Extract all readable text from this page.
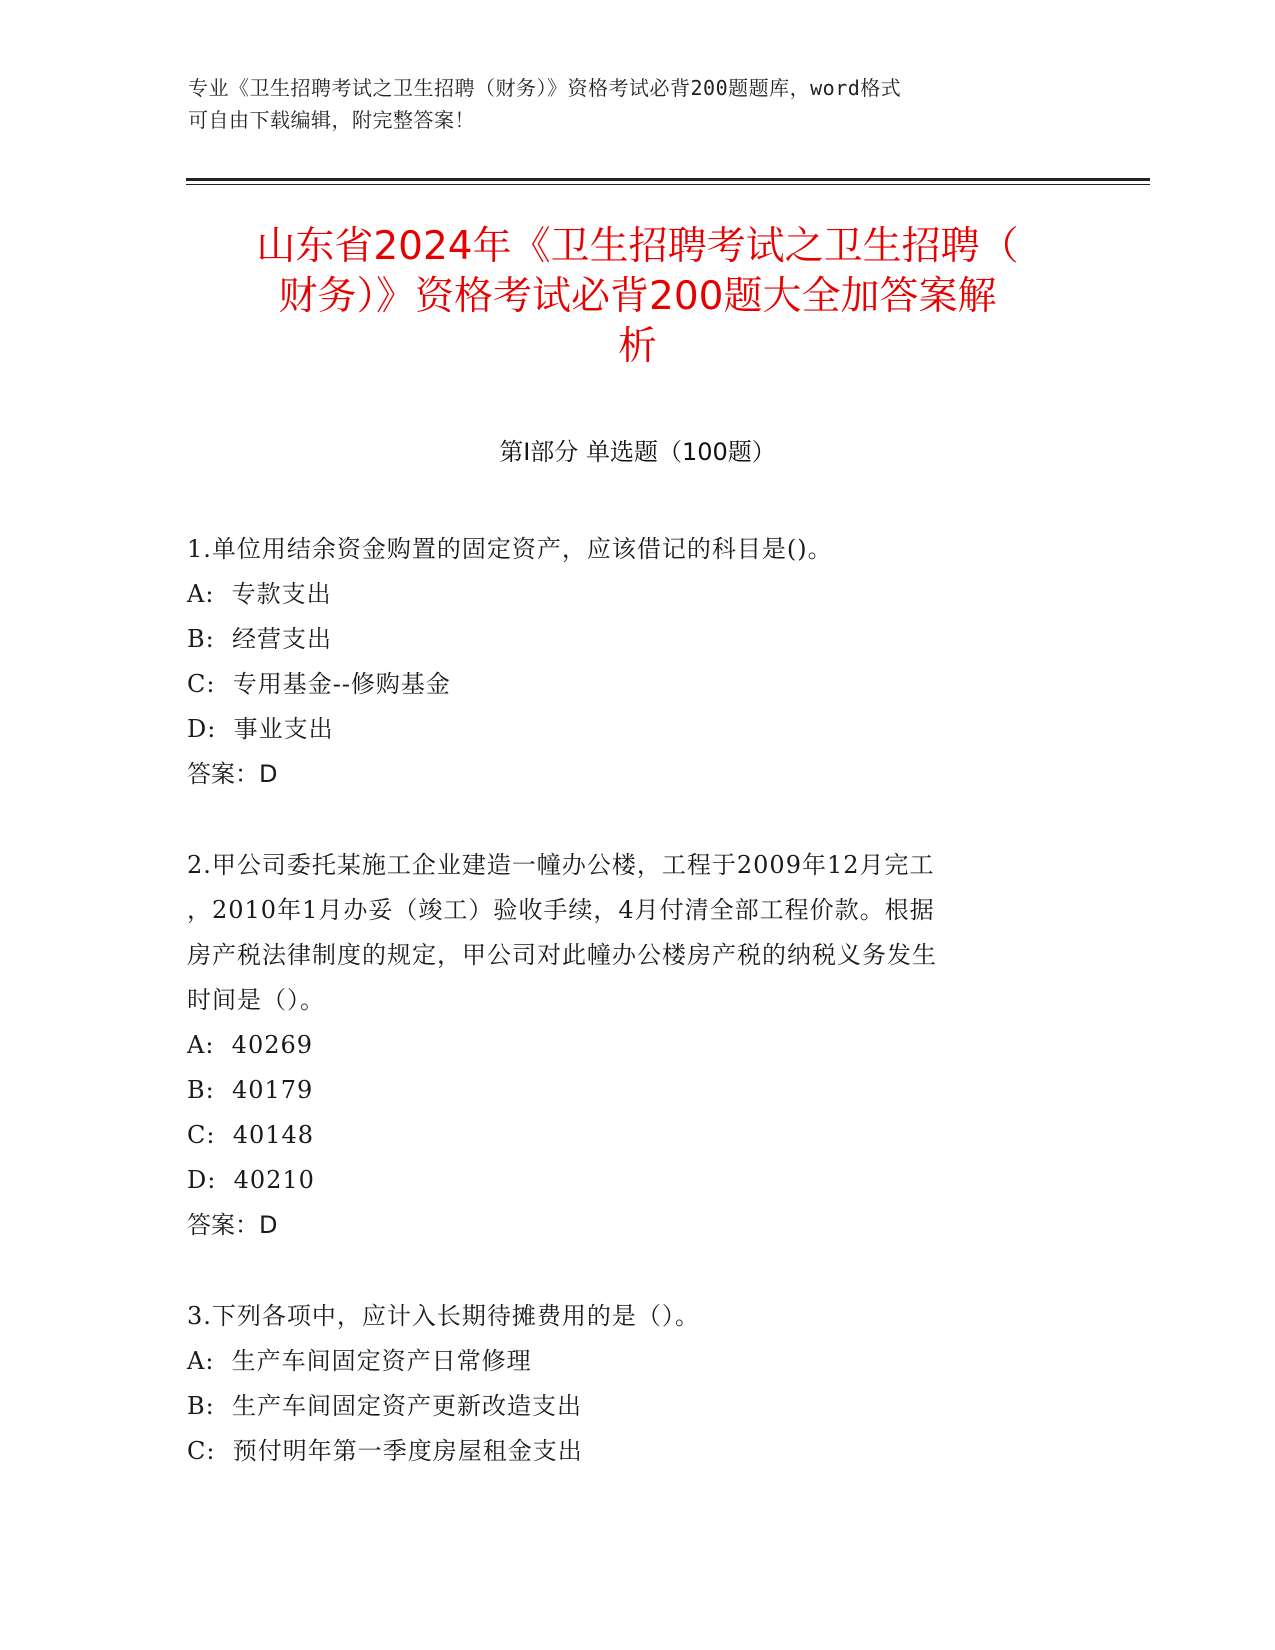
专业《卫生招聘考试之卫生招聘（财务）》资格考试必背200题题库，word格式
可自由下载编辑，附完整答案！
山东省2024年《卫生招聘考试之卫生招聘（
财务）》资格考试必背200题大全加答案解
析
第Ⅰ部分 单选题（100题）

1.单位用结余资金购置的固定资产，应该借记的科目是()。

A:  专款支出

B:  经营支出

C:  专用基金--修购基金

D:  事业支出

答案：D

2.甲公司委托某施工企业建造一幢办公楼，工程于2009年12月完工

，2010年1月办妥（竣工）验收手续，4月付清全部工程价款。根据

房产税法律制度的规定，甲公司对此幢办公楼房产税的纳税义务发生

时间是（）。

A:  40269

B:  40179

C:  40148

D:  40210

答案：D

3.下列各项中，应计入长期待摊费用的是（）。

A:  生产车间固定资产日常修理

B:  生产车间固定资产更新改造支出

C:  预付明年第一季度房屋租金支出
